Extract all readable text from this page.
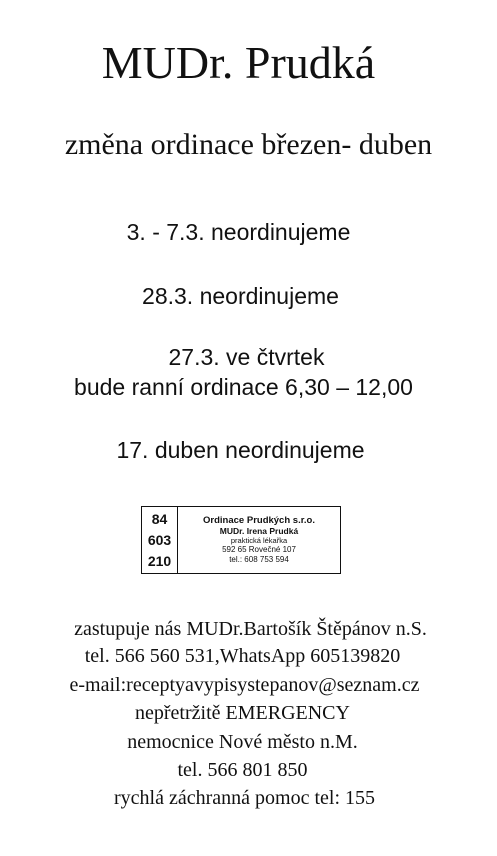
MUDr. Prudká
změna ordinace březen- duben
3. - 7.3. neordinujeme
28.3. neordinujeme
27.3. ve čtvrtek
bude ranní ordinace 6,30 – 12,00
17. duben neordinujeme
84
603
210
Ordinace Prudkých s.r.o.
MUDr. Irena Prudká
praktická lékařka
592 65 Rovečné 107
tel.: 608 753 594
zastupuje nás MUDr.Bartošík Štěpánov n.S.
tel. 566 560 531,WhatsApp 605139820
e-mail:receptyavypisystepanov@seznam.cz
nepřetržitě EMERGENCY
nemocnice Nové město n.M.
tel. 566 801 850
rychlá záchranná pomoc tel: 155
